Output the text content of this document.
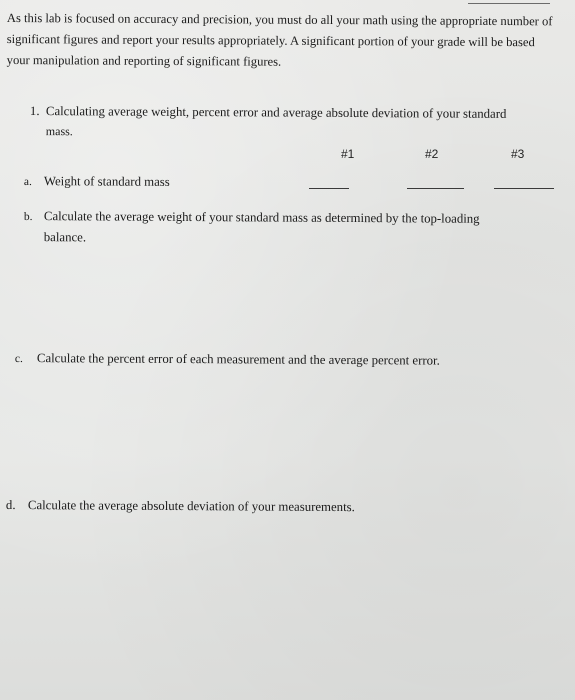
As this lab is focused on accuracy and precision, you must do all your math using the appropriate number of significant figures and report your results appropriately. A significant portion of your grade will be based your manipulation and reporting of significant figures.
1. Calculating average weight, percent error and average absolute deviation of your standard
mass.
#1	#2	#3
a. Weight of standard mass
b. Calculate the average weight of your standard mass as determined by the top-loading
balance.
c. Calculate the percent error of each measurement and the average percent error.
d. Calculate the average absolute deviation of your measurements.
